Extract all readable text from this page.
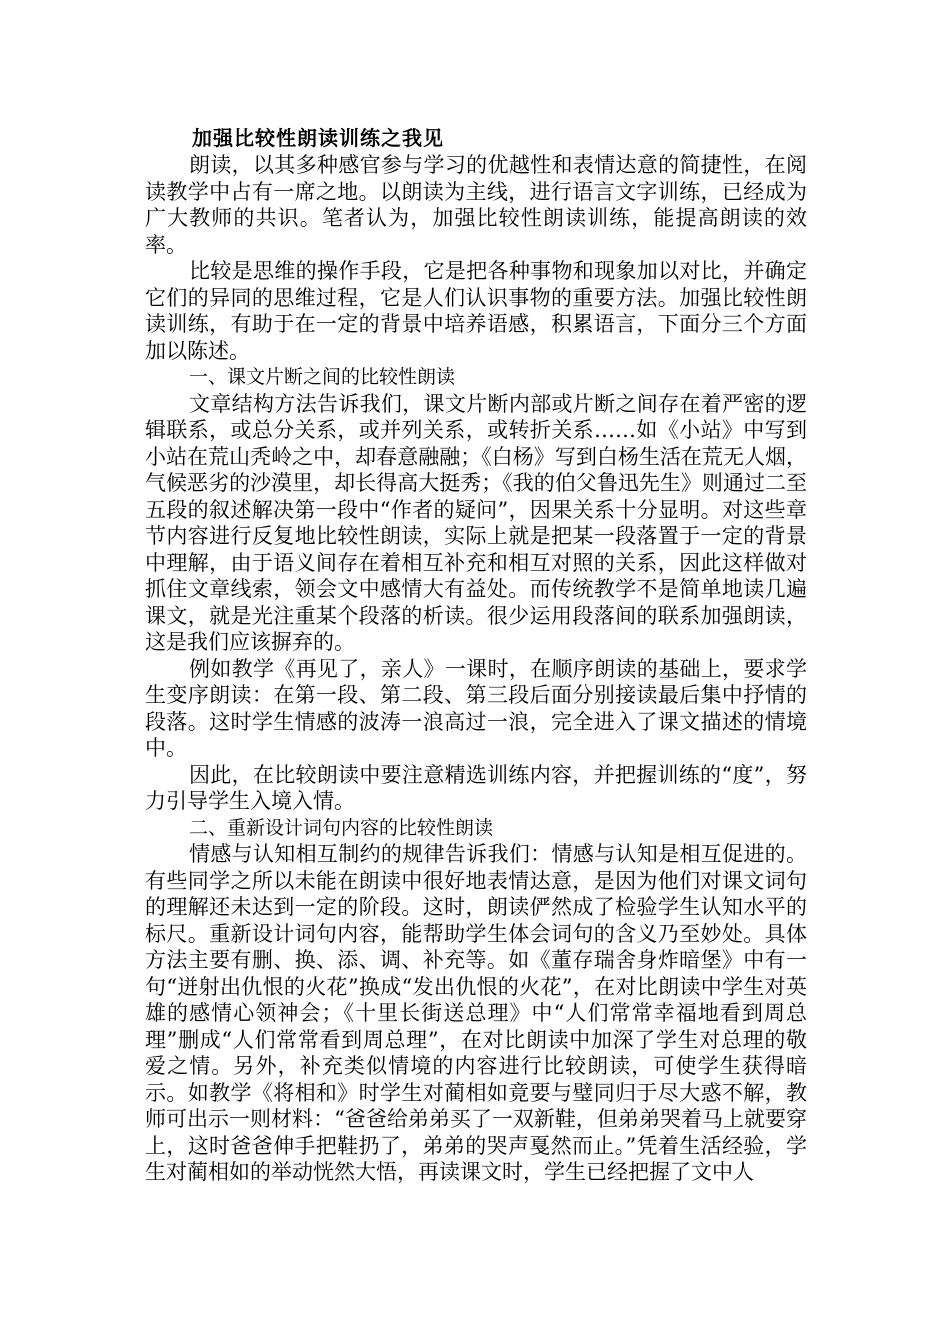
加强比较性朗读训练之我见

朗读，以其多种感官参与学习的优越性和表情达意的简捷性，在阅读教学中占有一席之地。以朗读为主线，进行语言文字训练，已经成为广大教师的共识。笔者认为，加强比较性朗读训练，能提高朗读的效率。

比较是思维的操作手段，它是把各种事物和现象加以对比，并确定它们的异同的思维过程，它是人们认识事物的重要方法。加强比较性朗读训练，有助于在一定的背景中培养语感，积累语言，下面分三个方面加以陈述。

一、课文片断之间的比较性朗读

文章结构方法告诉我们，课文片断内部或片断之间存在着严密的逻辑联系，或总分关系，或并列关系，或转折关系……如《小站》中写到小站在荒山秃岭之中，却春意融融；《白杨》写到白杨生活在荒无人烟，气候恶劣的沙漠里，却长得高大挺秀；《我的伯父鲁迅先生》则通过二至五段的叙述解决第一段中“作者的疑问”，因果关系十分显明。对这些章节内容进行反复地比较性朗读，实际上就是把某一段落置于一定的背景中理解，由于语义间存在着相互补充和相互对照的关系，因此这样做对抓住文章线索，领会文中感情大有益处。而传统教学不是简单地读几遍课文，就是光注重某个段落的析读。很少运用段落间的联系加强朗读，这是我们应该摒弃的。

例如教学《再见了，亲人》一课时，在顺序朗读的基础上，要求学生变序朗读：在第一段、第二段、第三段后面分别接读最后集中抒情的段落。这时学生情感的波涛一浪高过一浪，完全进入了课文描述的情境中。

因此，在比较朗读中要注意精选训练内容，并把握训练的“度”，努力引导学生入境入情。

二、重新设计词句内容的比较性朗读

情感与认知相互制约的规律告诉我们：情感与认知是相互促进的。有些同学之所以未能在朗读中很好地表情达意，是因为他们对课文词句的理解还未达到一定的阶段。这时，朗读俨然成了检验学生认知水平的标尺。重新设计词句内容，能帮助学生体会词句的含义乃至妙处。具体方法主要有删、换、添、调、补充等。如《董存瑞舍身炸暗堡》中有一句“迸射出仇恨的火花”换成“发出仇恨的火花”，在对比朗读中学生对英雄的感情心领神会；《十里长街送总理》中“人们常常幸福地看到周总理”删成“人们常常看到周总理”，在对比朗读中加深了学生对总理的敬爱之情。另外，补充类似情境的内容进行比较朗读，可使学生获得暗示。如教学《将相和》时学生对蔺相如竟要与璧同归于尽大惑不解，教师可出示一则材料：“爸爸给弟弟买了一双新鞋，但弟弟哭着马上就要穿上，这时爸爸伸手把鞋扔了，弟弟的哭声戛然而止。”凭着生活经验，学生对蔺相如的举动恍然大悟，再读课文时，学生已经把握了文中人
